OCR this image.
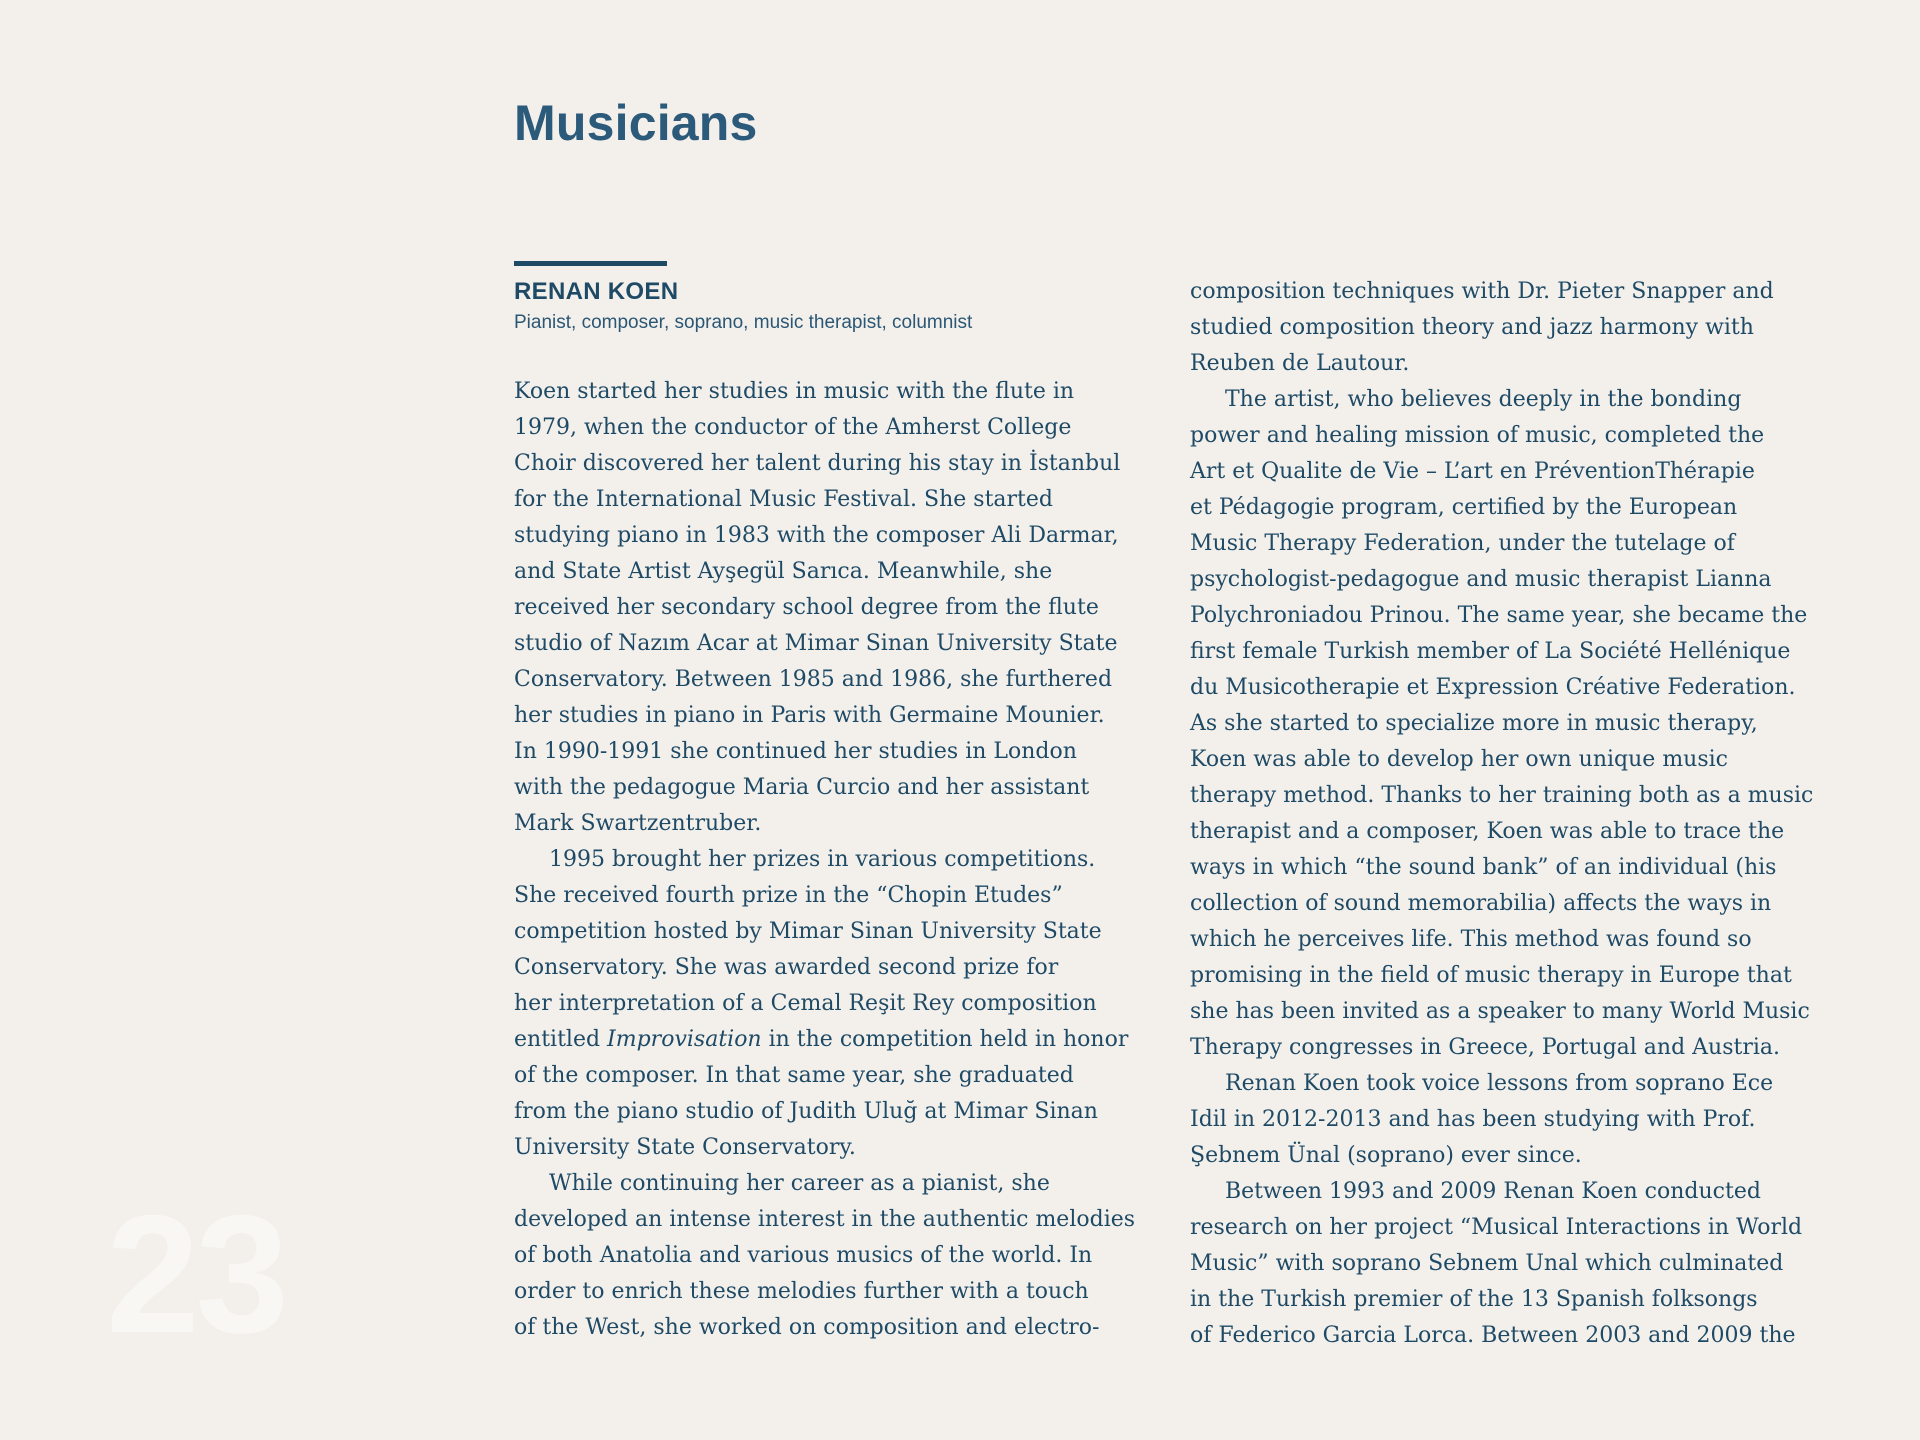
Musicians
23
RENAN KOEN

Pianist, composer, soprano, music therapist, columnist

Koen started her studies in music with the flute in
1979, when the conductor of the Amherst College
Choir discovered her talent during his stay in İstanbul
for the International Music Festival. She started
studying piano in 1983 with the composer Ali Darmar,
and State Artist Ayşegül Sarıca. Meanwhile, she
received her secondary school degree from the flute
studio of Nazım Acar at Mimar Sinan University State
Conservatory. Between 1985 and 1986, she furthered
her studies in piano in Paris with Germaine Mounier.
In 1990-1991 she continued her studies in London
with the pedagogue Maria Curcio and her assistant
Mark Swartzentruber.
1995 brought her prizes in various competitions.
She received fourth prize in the “Chopin Etudes”
competition hosted by Mimar Sinan University State
Conservatory. She was awarded second prize for
her interpretation of a Cemal Reşit Rey composition
entitled Improvisation in the competition held in honor
of the composer. In that same year, she graduated
from the piano studio of Judith Uluğ at Mimar Sinan
University State Conservatory.
While continuing her career as a pianist, she
developed an intense interest in the authentic melodies
of both Anatolia and various musics of the world. In
order to enrich these melodies further with a touch
of the West, she worked on composition and electro-
composition techniques with Dr. Pieter Snapper and
studied composition theory and jazz harmony with
Reuben de Lautour.
The artist, who believes deeply in the bonding
power and healing mission of music, completed the
Art et Qualite de Vie – L’art en PréventionThérapie
et Pédagogie program, certified by the European
Music Therapy Federation, under the tutelage of
psychologist-pedagogue and music therapist Lianna
Polychroniadou Prinou. The same year, she became the
first female Turkish member of La Société Hellénique
du Musicotherapie et Expression Créative Federation.
As she started to specialize more in music therapy,
Koen was able to develop her own unique music
therapy method. Thanks to her training both as a music
therapist and a composer, Koen was able to trace the
ways in which “the sound bank” of an individual (his
collection of sound memorabilia) affects the ways in
which he perceives life. This method was found so
promising in the field of music therapy in Europe that
she has been invited as a speaker to many World Music
Therapy congresses in Greece, Portugal and Austria.
Renan Koen took voice lessons from soprano Ece
Idil in 2012-2013 and has been studying with Prof.
Şebnem Ünal (soprano) ever since.
Between 1993 and 2009 Renan Koen conducted
research on her project “Musical Interactions in World
Music” with soprano Sebnem Unal which culminated
in the Turkish premier of the 13 Spanish folksongs
of Federico Garcia Lorca. Between 2003 and 2009 the
